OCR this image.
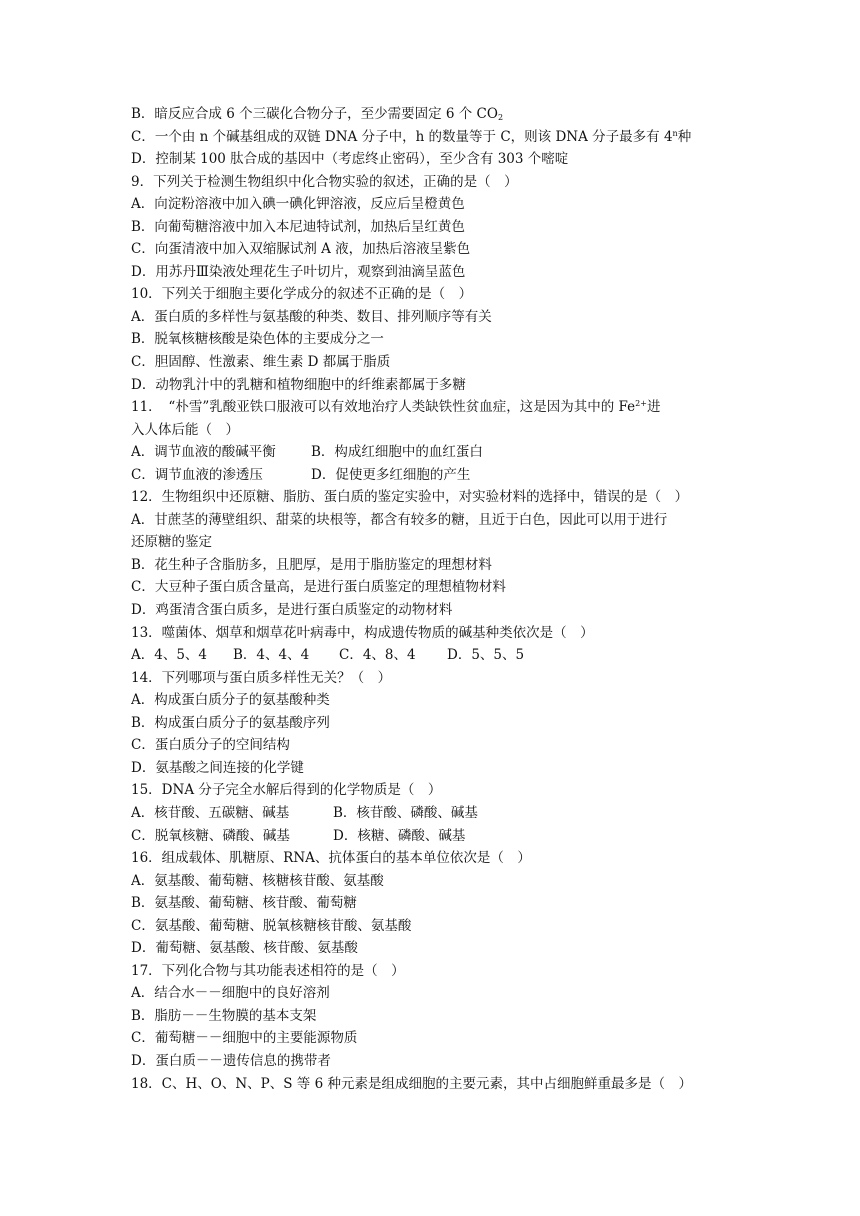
B．暗反应合成 6 个三碳化合物分子，至少需要固定 6 个 $CO_2$
C．一个由 n 个碱基组成的双链 DNA 分子中，h 的数量等于 C，则该 DNA 分子最多有 4$^n$种
D．控制某 100 肽合成的基因中（考虑终止密码），至少含有 303 个嘧啶
9．下列关于检测生物组织中化合物实验的叙述，正确的是（　）
A．向淀粉溶液中加入碘一碘化钾溶液，反应后呈橙黄色
B．向葡萄糖溶液中加入本尼迪特试剂，加热后呈红黄色
C．向蛋清液中加入双缩脲试剂 A 液，加热后溶液呈紫色
D．用苏丹Ⅲ染液处理花生子叶切片，观察到油滴呈蓝色
10．下列关于细胞主要化学成分的叙述不正确的是（　）
A．蛋白质的多样性与氨基酸的种类、数目、排列顺序等有关
B．脱氧核糖核酸是染色体的主要成分之一
C．胆固醇、性激素、维生素 D 都属于脂质
D．动物乳汁中的乳糖和植物细胞中的纤维素都属于多糖
11．　“朴雪”乳酸亚铁口服液可以有效地治疗人类缺铁性贫血症，这是因为其中的 $Fe^{2+}$进
入人体后能（　）
A．调节血液的酸碱平衡	B．构成红细胞中的血红蛋白
C．调节血液的渗透压	D．促使更多红细胞的产生
12．生物组织中还原糖、脂肪、蛋白质的鉴定实验中，对实验材料的选择中，错误的是（　）
A．甘蔗茎的薄壁组织、甜菜的块根等，都含有较多的糖，且近于白色，因此可以用于进行
还原糖的鉴定
B．花生种子含脂肪多，且肥厚，是用于脂肪鉴定的理想材料
C．大豆种子蛋白质含量高，是进行蛋白质鉴定的理想植物材料
D．鸡蛋清含蛋白质多，是进行蛋白质鉴定的动物材料
13．噬菌体、烟草和烟草花叶病毒中，构成遗传物质的碱基种类依次是（　）
A．4、5、4 B．4、4、4 C．4、8、4 D．5、5、5
14．下列哪项与蛋白质多样性无关？（　）
A．构成蛋白质分子的氨基酸种类
B．构成蛋白质分子的氨基酸序列
C．蛋白质分子的空间结构
D．氨基酸之间连接的化学键
15．DNA 分子完全水解后得到的化学物质是（　）
A．核苷酸、五碳糖、碱基	B．核苷酸、磷酸、碱基
C．脱氧核糖、磷酸、碱基	D．核糖、磷酸、碱基
16．组成载体、肌糖原、RNA、抗体蛋白的基本单位依次是（　）
A．氨基酸、葡萄糖、核糖核苷酸、氨基酸
B．氨基酸、葡萄糖、核苷酸、葡萄糖
C．氨基酸、葡萄糖、脱氧核糖核苷酸、氨基酸
D．葡萄糖、氨基酸、核苷酸、氨基酸
17．下列化合物与其功能表述相符的是（　）
A．结合水－－细胞中的良好溶剂
B．脂肪－－生物膜的基本支架
C．葡萄糖－－细胞中的主要能源物质
D．蛋白质－－遗传信息的携带者
18．C、H、O、N、P、S 等 6 种元素是组成细胞的主要元素，其中占细胞鲜重最多是（　）
